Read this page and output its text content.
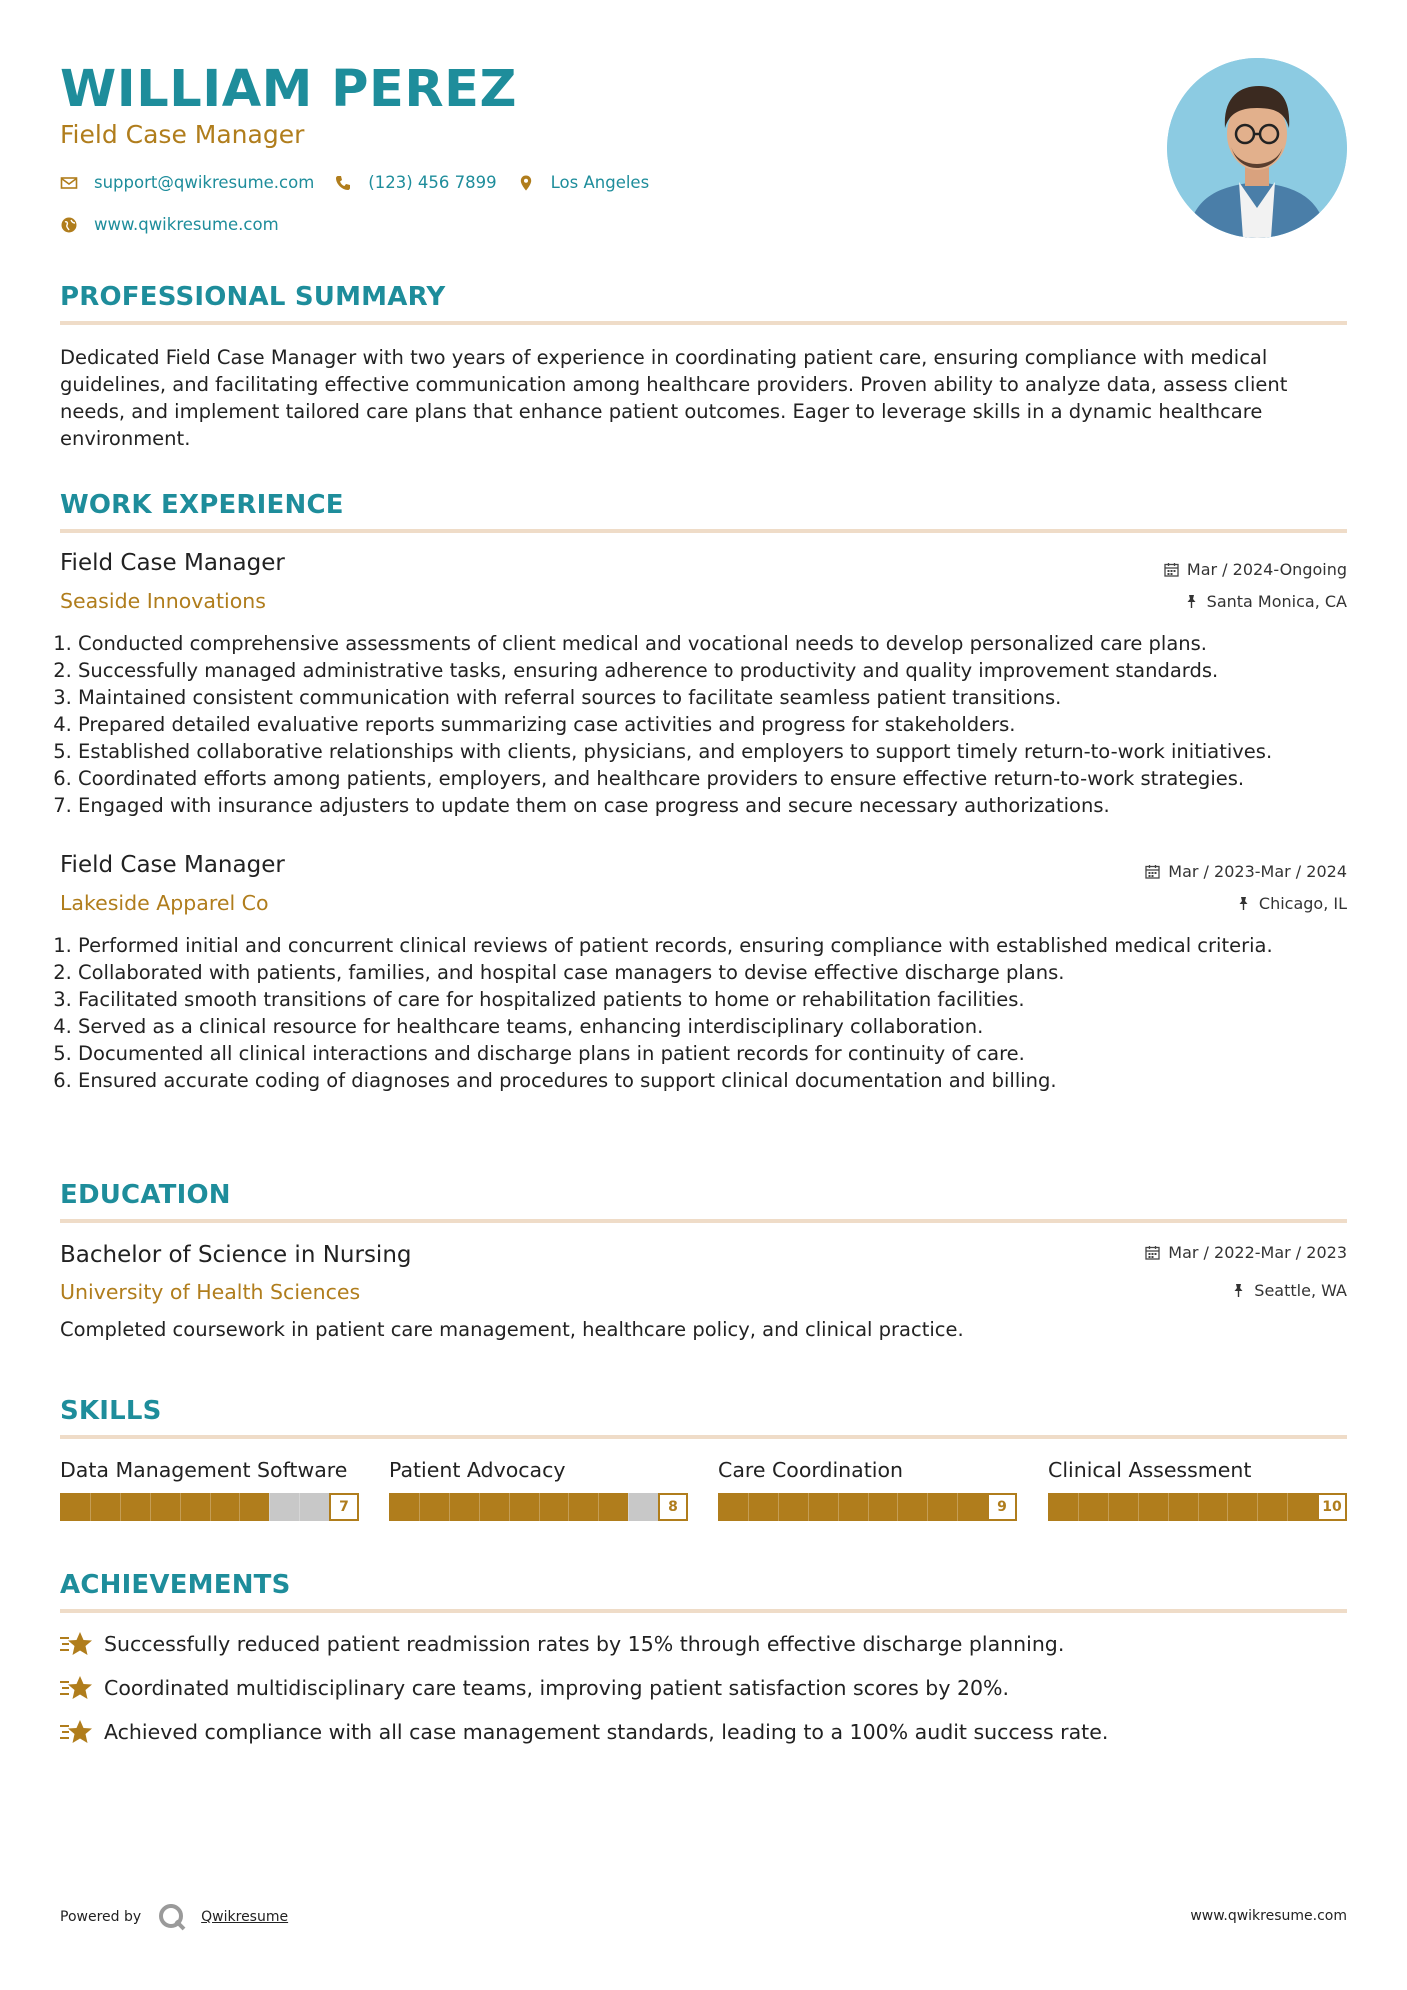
WILLIAM PEREZ
Field Case Manager
support@qwikresume.com	(123) 456 7899	Los Angeles
www.qwikresume.com
PROFESSIONAL SUMMARY
Dedicated Field Case Manager with two years of experience in coordinating patient care, ensuring compliance with medical guidelines, and facilitating effective communication among healthcare providers. Proven ability to analyze data, assess client needs, and implement tailored care plans that enhance patient outcomes. Eager to leverage skills in a dynamic healthcare environment.
WORK EXPERIENCE
Field Case Manager	Mar / 2024-Ongoing
Seaside Innovations	Santa Monica, CA
1. Conducted comprehensive assessments of client medical and vocational needs to develop personalized care plans.
2. Successfully managed administrative tasks, ensuring adherence to productivity and quality improvement standards.
3. Maintained consistent communication with referral sources to facilitate seamless patient transitions.
4. Prepared detailed evaluative reports summarizing case activities and progress for stakeholders.
5. Established collaborative relationships with clients, physicians, and employers to support timely return-to-work initiatives.
6. Coordinated efforts among patients, employers, and healthcare providers to ensure effective return-to-work strategies.
7. Engaged with insurance adjusters to update them on case progress and secure necessary authorizations.
Field Case Manager	Mar / 2023-Mar / 2024
Lakeside Apparel Co	Chicago, IL
1. Performed initial and concurrent clinical reviews of patient records, ensuring compliance with established medical criteria.
2. Collaborated with patients, families, and hospital case managers to devise effective discharge plans.
3. Facilitated smooth transitions of care for hospitalized patients to home or rehabilitation facilities.
4. Served as a clinical resource for healthcare teams, enhancing interdisciplinary collaboration.
5. Documented all clinical interactions and discharge plans in patient records for continuity of care.
6. Ensured accurate coding of diagnoses and procedures to support clinical documentation and billing.
EDUCATION
Bachelor of Science in Nursing	Mar / 2022-Mar / 2023
University of Health Sciences	Seattle, WA
Completed coursework in patient care management, healthcare policy, and clinical practice.
SKILLS
Data Management Software
7
Patient Advocacy
8
Care Coordination
9
Clinical Assessment
10
ACHIEVEMENTS
Successfully reduced patient readmission rates by 15% through effective discharge planning.
Coordinated multidisciplinary care teams, improving patient satisfaction scores by 20%.
Achieved compliance with all case management standards, leading to a 100% audit success rate.
Powered by	Qwikresume	www.qwikresume.com
